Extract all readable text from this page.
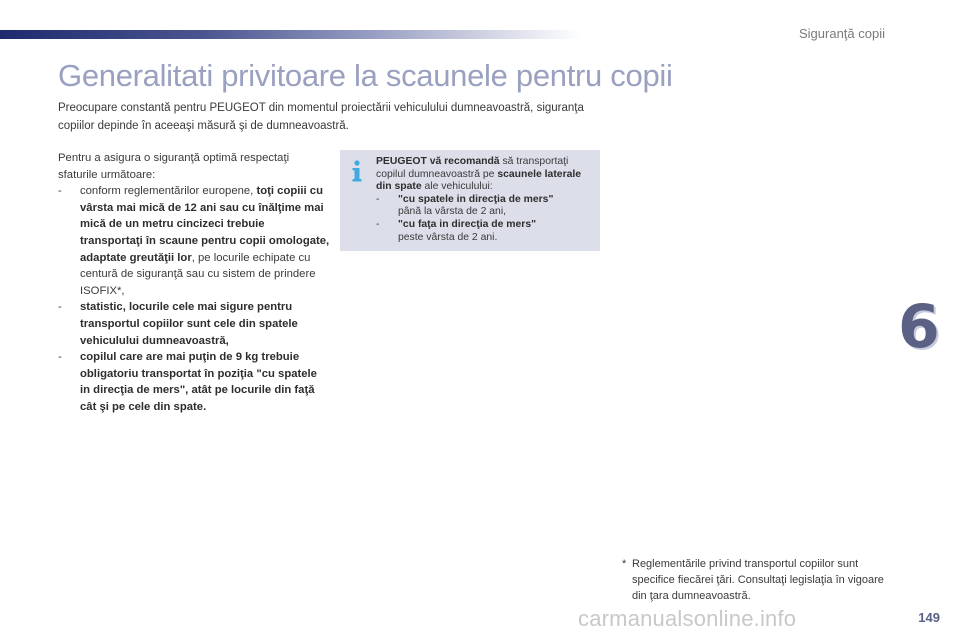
Siguranţă copii
Generalitati privitoare la scaunele pentru copii
Preocupare constantă pentru PEUGEOT din momentul proiectării vehiculului dumneavoastră, siguranţa copiilor depinde în aceeaşi măsură şi de dumneavoastră.

Pentru a asigura o siguranţă optimă respectaţi sfaturile următoare:

-	conform reglementărilor europene, toţi copiii cu vârsta mai mică de 12 ani sau cu înălţime mai mică de un metru cincizeci trebuie transportaţi în scaune pentru copii omologate, adaptate greutăţii lor, pe locurile echipate cu centură de siguranţă sau cu sistem de prindere ISOFIX*,
-	statistic, locurile cele mai sigure pentru transportul copiilor sunt cele din spatele vehiculului dumneavoastră,
-	copilul care are mai puţin de 9 kg trebuie obligatoriu transportat în poziţia "cu spatele in direcţia de mers", atât pe locurile din faţă cât şi pe cele din spate.

PEUGEOT vă recomandă să transportaţi copilul dumneavoastră pe scaunele laterale din spate ale vehiculului:

-	"cu spatele in direcţia de mers"
până la vârsta de 2 ani,
-	"cu faţa in direcţia de mers"
peste vârsta de 2 ani.
6
* Reglementările privind transportul copiilor sunt specifice fiecărei ţări. Consultaţi legislaţia în vigoare din ţara dumneavoastră.
carmanualsonline.info	149
